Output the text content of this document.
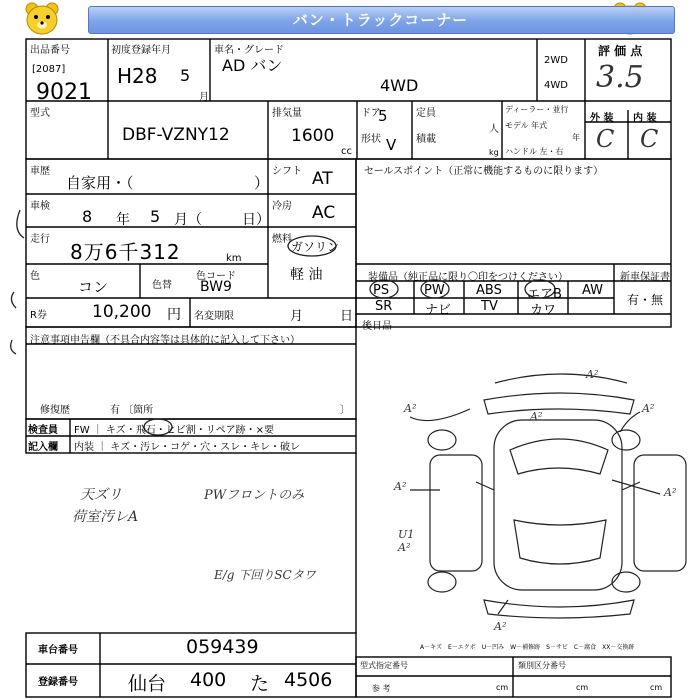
バン・トラックコーナー
出品番号
[2087]
9021
初度登録年月
H28 5
月
車名・グレード
AD バン
4WD
2WD
4WD
評 価 点
3.5
型式
DBF-VZNY12
排気量
1600
cc
ドア
5
形状 V
定員
人
積載
kg
ディーラー・並行
モデル 年式
年
ハンドル 左・右
外 装 内 装
C C
車歴
自家用・（	）
シフト AT
車検
8 年 5 月（	日）
冷房 AC
走行
8万6千312	km
燃料
ガソリン
軽 油
色
コン	色替
色コード
BW9
R券	10,200 円 名変期限	月	日
セールスポイント（正常に機能するものに限ります）
装備品（純正品に限り〇印をつけください）	新車保証書
有・無
PS	PW ABS エアB AW
SR	ナビ TV カワ
後日品
注意事項申告欄（不具合内容等は具体的に記入して下さい）
修復歴	有 〔箇所	〕
検査員
記入欄
FW ｜ キズ・飛石・ヒビ割・リペア跡・×要
内装 ｜ キズ・汚レ・コゲ・穴・スレ・キレ・破レ
天ズリ
荷室汚レA
PWフロントのみ
E/g 下回りSCタワ
A²
A²
A²
A²
A²	A²
U1 A²
A²
A－キズ　E－エクボ　U－凹み　W－補修跡　S－サビ　C－腐食　XX－交換跡
車台番号	059439
登録番号	仙台 400 た 4506
型式指定番号	類別区分番号
参 考	cm	cm	cm
